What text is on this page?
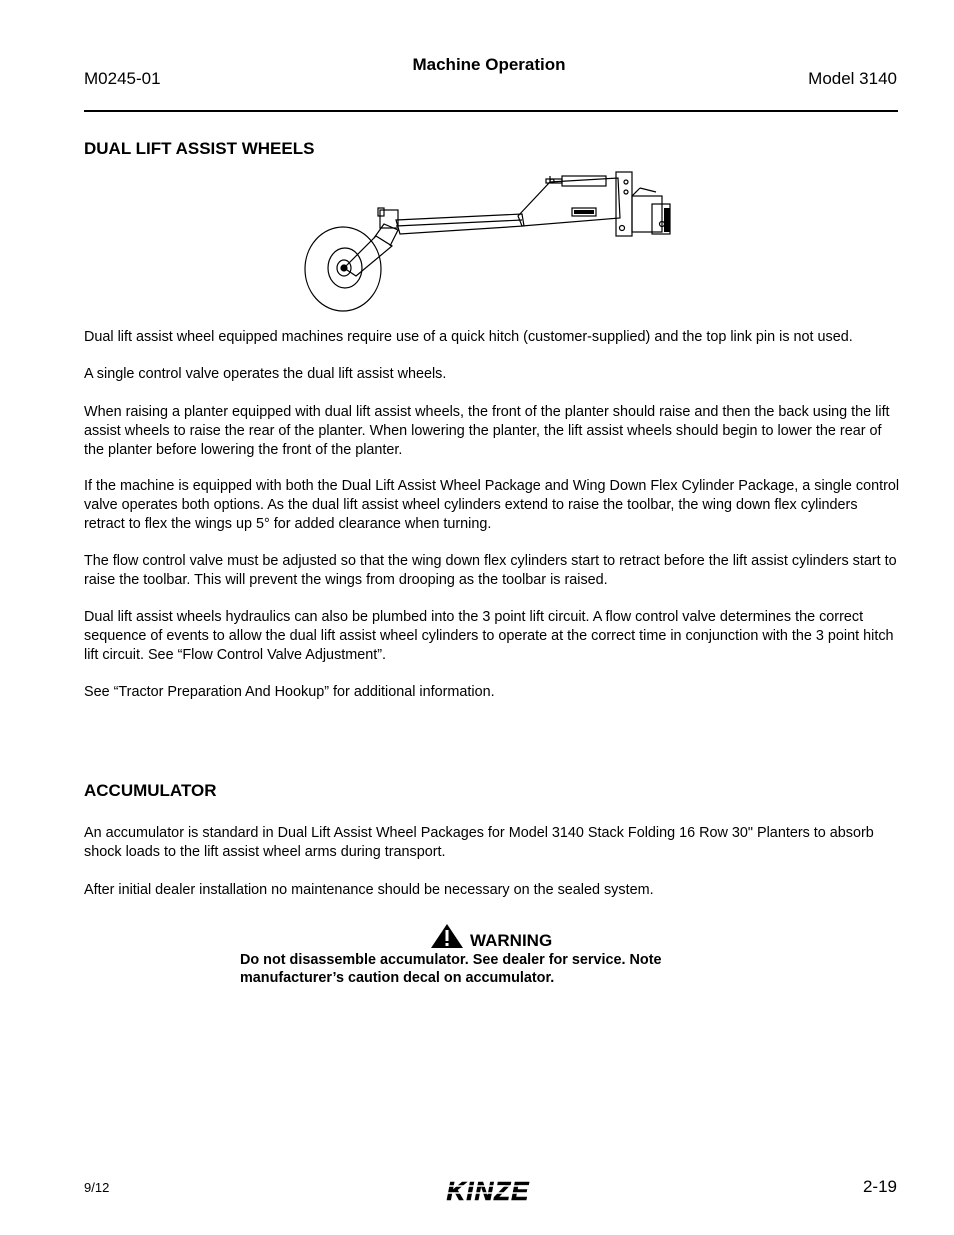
M0245-01
Machine Operation
Model 3140
DUAL LIFT ASSIST WHEELS
Dual lift assist wheel equipped machines require use of a quick hitch (customer-supplied) and the top link pin is not used.
A single control valve operates the dual lift assist wheels.
When raising a planter equipped with dual lift assist wheels, the front of the planter should raise and then the back using the lift assist wheels to raise the rear of the planter. When lowering the planter, the lift assist wheels should begin to lower the rear of the planter before lowering the front of the planter.
If the machine is equipped with both the Dual Lift Assist Wheel Package and Wing Down Flex Cylinder Package, a single control valve operates both options. As the dual lift assist wheel cylinders extend to raise the toolbar, the wing down flex cylinders retract to flex the wings up 5° for added clearance when turning.
The flow control valve must be adjusted so that the wing down flex cylinders start to retract before the lift assist cylinders start to raise the toolbar. This will prevent the wings from drooping as the toolbar is raised.
Dual lift assist wheels hydraulics can also be plumbed into the 3 point lift circuit. A flow control valve determines the correct sequence of events to allow the dual lift assist wheel cylinders to operate at the correct time in conjunction with the 3 point hitch lift circuit. See “Flow Control Valve Adjustment”.
See “Tractor Preparation And Hookup” for additional information.
ACCUMULATOR
An accumulator is standard in Dual Lift Assist Wheel Packages for Model 3140 Stack Folding 16 Row 30" Planters to absorb shock loads to the lift assist wheel arms during transport.
After initial dealer installation no maintenance should be necessary on the sealed system.
WARNING
Do not disassemble accumulator. See dealer for service. Note manufacturer’s caution decal on accumulator.
9/12	KINZE	2-19
